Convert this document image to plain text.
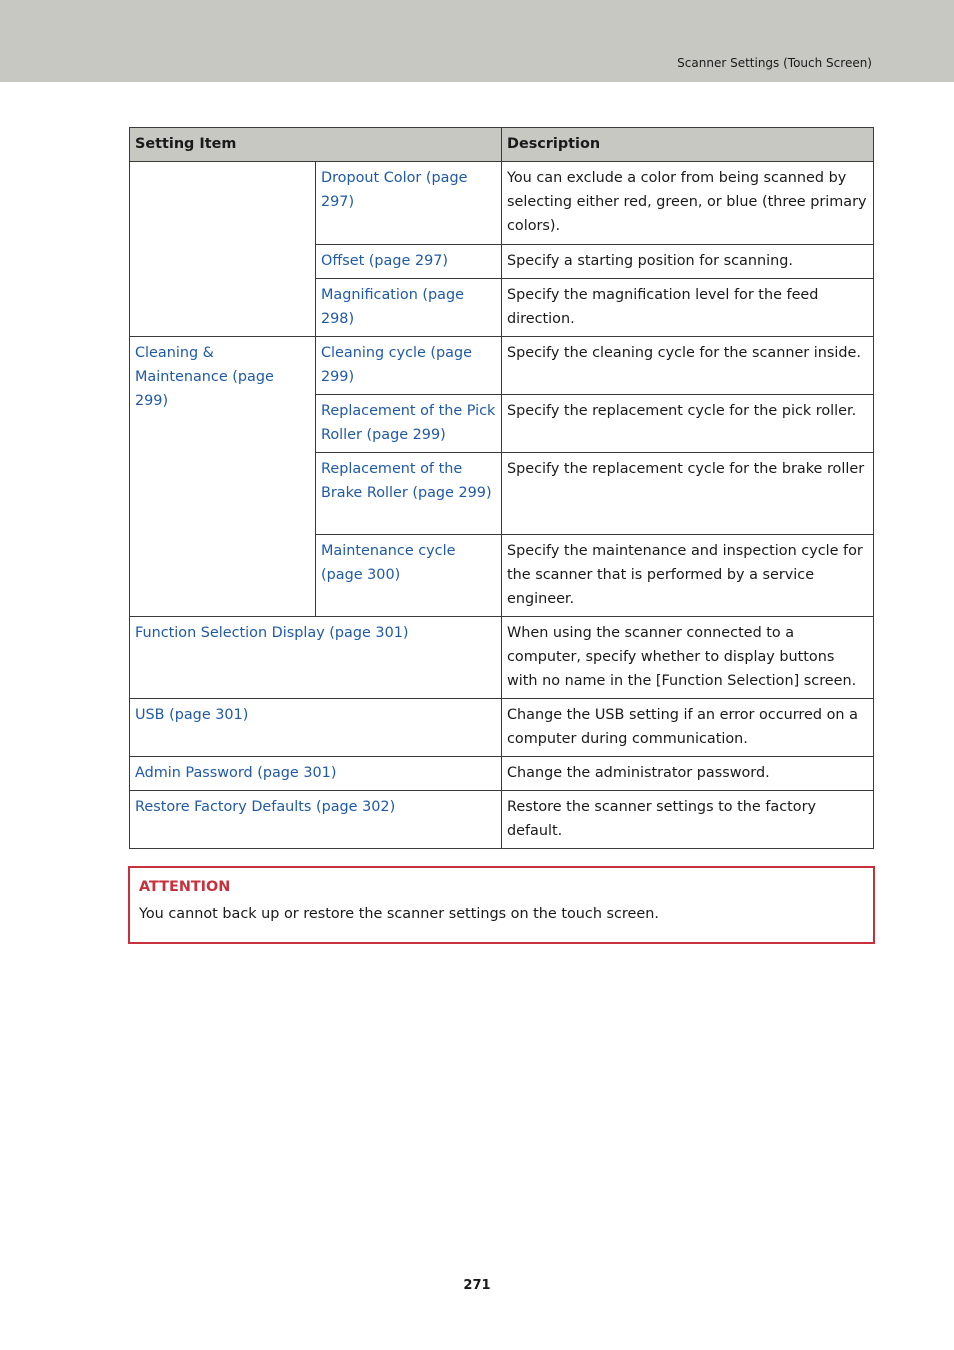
Scanner Settings (Touch Screen)
Setting Item		Description
	Dropout Color (page 297)	You can exclude a color from being scanned by selecting either red, green, or blue (three primary colors).
	Offset (page 297)	Specify a starting position for scanning.
	Magnification (page 298)	Specify the magnification level for the feed direction.
Cleaning & Maintenance (page 299)	Cleaning cycle (page 299)	Specify the cleaning cycle for the scanner inside.
	Replacement of the Pick Roller (page 299)	Specify the replacement cycle for the pick roller.
	Replacement of the Brake Roller (page 299)	Specify the replacement cycle for the brake roller
	Maintenance cycle (page 300)	Specify the maintenance and inspection cycle for the scanner that is performed by a service engineer.
Function Selection Display (page 301)		When using the scanner connected to a computer, specify whether to display buttons with no name in the [Function Selection] screen.
USB (page 301)		Change the USB setting if an error occurred on a computer during communication.
Admin Password (page 301)		Change the administrator password.
Restore Factory Defaults (page 302)		Restore the scanner settings to the factory default.
ATTENTION
You cannot back up or restore the scanner settings on the touch screen.
271
